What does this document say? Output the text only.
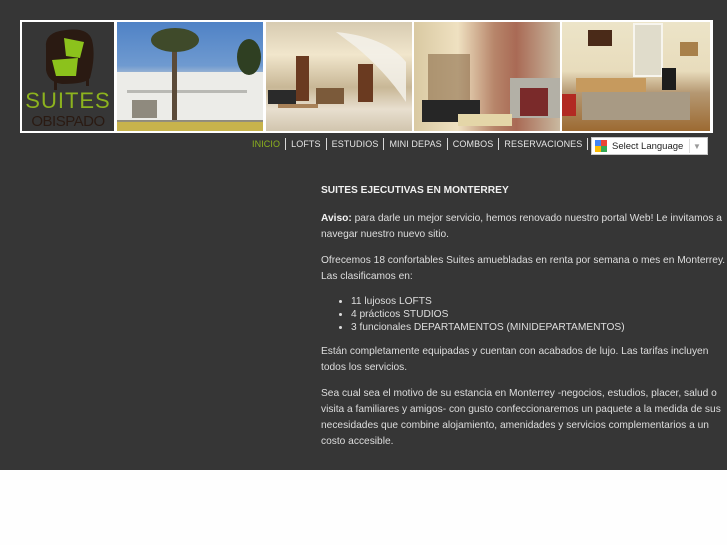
SUITES
OBISPADO
INICIO	LOFTS	ESTUDIOS	MINI DEPAS	COMBOS	RESERVACIONES	Select Language	▼
SUITES EJECUTIVAS EN MONTERREY

Aviso: para darle un mejor servicio, hemos renovado nuestro portal Web! Le invitamos a navegar nuestro nuevo sitio.

Ofrecemos 18 confortables Suites amuebladas en renta por semana o mes en Monterrey. Las clasificamos en:

• 11 lujosos LOFTS
• 4 prácticos STUDIOS
• 3 funcionales DEPARTAMENTOS (MINIDEPARTAMENTOS)

Están completamente equipadas y cuentan con acabados de lujo. Las tarifas incluyen todos los servicios.

Sea cual sea el motivo de su estancia en Monterrey -negocios, estudios, placer, salud o visita a familiares y amigos- con gusto confeccionaremos un paquete a la medida de sus necesidades que combine alojamiento, amenidades y servicios complementarios a un costo accesible.
